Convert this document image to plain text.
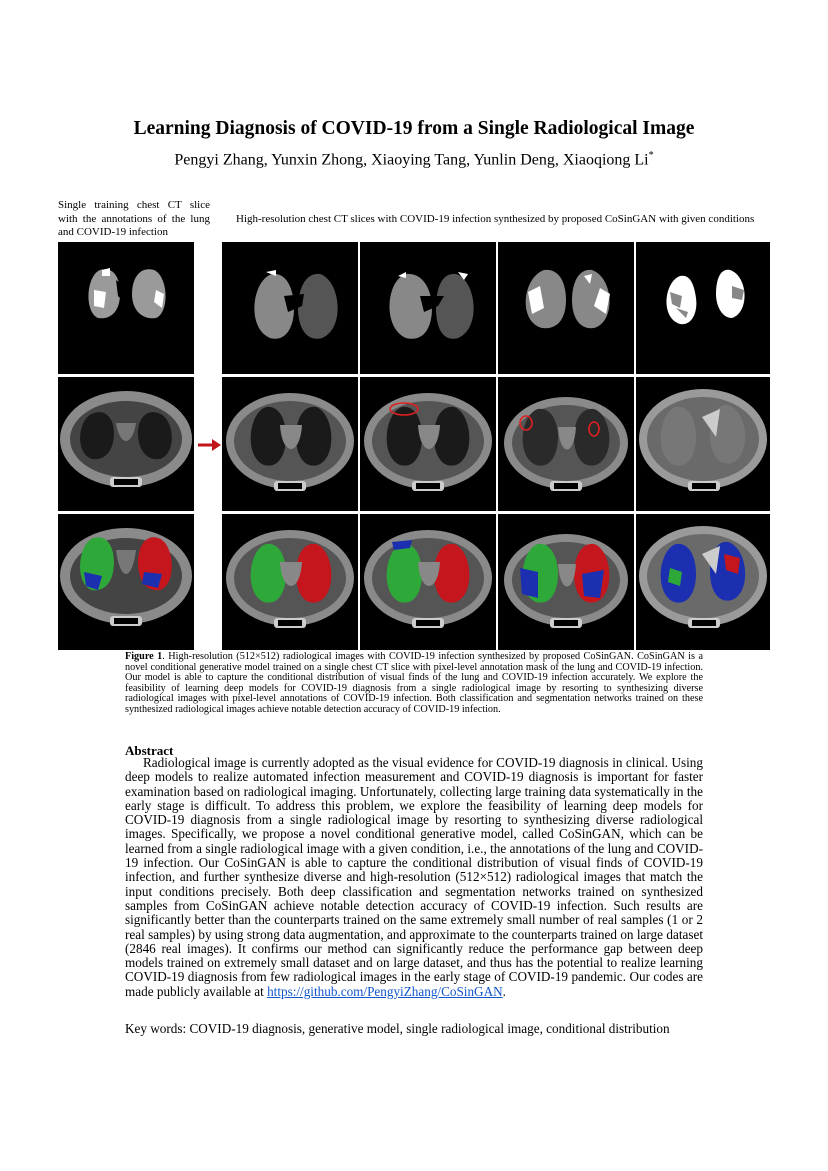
Learning Diagnosis of COVID-19 from a Single Radiological Image
Pengyi Zhang, Yunxin Zhong, Xiaoying Tang, Yunlin Deng, Xiaoqiong Li*
Single training chest CT slice with the annotations of the lung and COVID-19 infection
High-resolution chest CT slices with COVID-19 infection synthesized by proposed CoSinGAN with given conditions
Figure 1. High-resolution (512×512) radiological images with COVID-19 infection synthesized by proposed CoSinGAN. CoSinGAN is a novel conditional generative model trained on a single chest CT slice with pixel-level annotation mask of the lung and COVID-19 infection. Our model is able to capture the conditional distribution of visual finds of the lung and COVID-19 infection accurately. We explore the feasibility of learning deep models for COVID-19 diagnosis from a single radiological image by resorting to synthesizing diverse radiological images with pixel-level annotations of COVID-19 infection. Both classification and segmentation networks trained on these synthesized radiological images achieve notable detection accuracy of COVID-19 infection.
Abstract
Radiological image is currently adopted as the visual evidence for COVID-19 diagnosis in clinical. Using deep models to realize automated infection measurement and COVID-19 diagnosis is important for faster examination based on radiological imaging. Unfortunately, collecting large training data systematically in the early stage is difficult. To address this problem, we explore the feasibility of learning deep models for COVID-19 diagnosis from a single radiological image by resorting to synthesizing diverse radiological images. Specifically, we propose a novel conditional generative model, called CoSinGAN, which can be learned from a single radiological image with a given condition, i.e., the annotations of the lung and COVID-19 infection. Our CoSinGAN is able to capture the conditional distribution of visual finds of COVID-19 infection, and further synthesize diverse and high-resolution (512×512) radiological images that match the input conditions precisely. Both deep classification and segmentation networks trained on synthesized samples from CoSinGAN achieve notable detection accuracy of COVID-19 infection. Such results are significantly better than the counterparts trained on the same extremely small number of real samples (1 or 2 real samples) by using strong data augmentation, and approximate to the counterparts trained on large dataset (2846 real images). It confirms our method can significantly reduce the performance gap between deep models trained on extremely small dataset and on large dataset, and thus has the potential to realize learning COVID-19 diagnosis from few radiological images in the early stage of COVID-19 pandemic. Our codes are made publicly available at https://github.com/PengyiZhang/CoSinGAN.
Key words: COVID-19 diagnosis, generative model, single radiological image, conditional distribution
